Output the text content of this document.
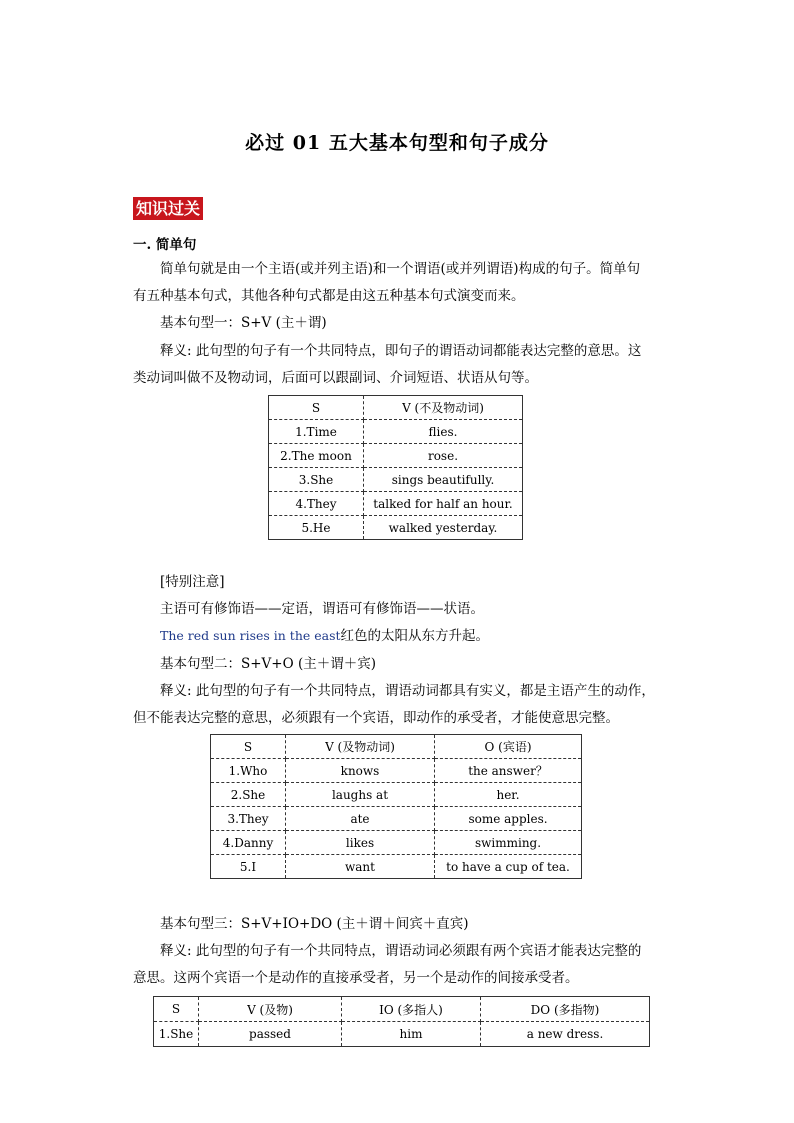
必过 01 五大基本句型和句子成分
知识过关
一. 简单句
简单句就是由一个主语(或并列主语)和一个谓语(或并列谓语)构成的句子。简单句
有五种基本句式，其他各种句式都是由这五种基本句式演变而来。
基本句型一：S+V (主＋谓)
释义: 此句型的句子有一个共同特点，即句子的谓语动词都能表达完整的意思。这
类动词叫做不及物动词，后面可以跟副词、介词短语、状语从句等。
S	V (不及物动词)
1.Time	flies.
2.The moon	rose.
3.She	sings beautifully.
4.They	talked for half an hour.
5.He	walked yesterday.
[特别注意]
主语可有修饰语——定语，谓语可有修饰语——状语。
The red sun rises in the east红色的太阳从东方升起。
基本句型二：S+V+O (主＋谓＋宾)
释义: 此句型的句子有一个共同特点，谓语动词都具有实义，都是主语产生的动作，
但不能表达完整的意思，必须跟有一个宾语，即动作的承受者，才能使意思完整。
S	V (及物动词)	O (宾语)
1.Who	knows	the answer？
2.She	laughs at	her.
3.They	ate	some apples.
4.Danny	likes	swimming.
5.I	want	to have a cup of tea.
基本句型三：S+V+IO+DO (主＋谓＋间宾＋直宾)
释义: 此句型的句子有一个共同特点，谓语动词必须跟有两个宾语才能表达完整的
意思。这两个宾语一个是动作的直接承受者，另一个是动作的间接承受者。
S	V (及物)	IO (多指人)	DO (多指物)
1.She	passed	him	a new dress.
